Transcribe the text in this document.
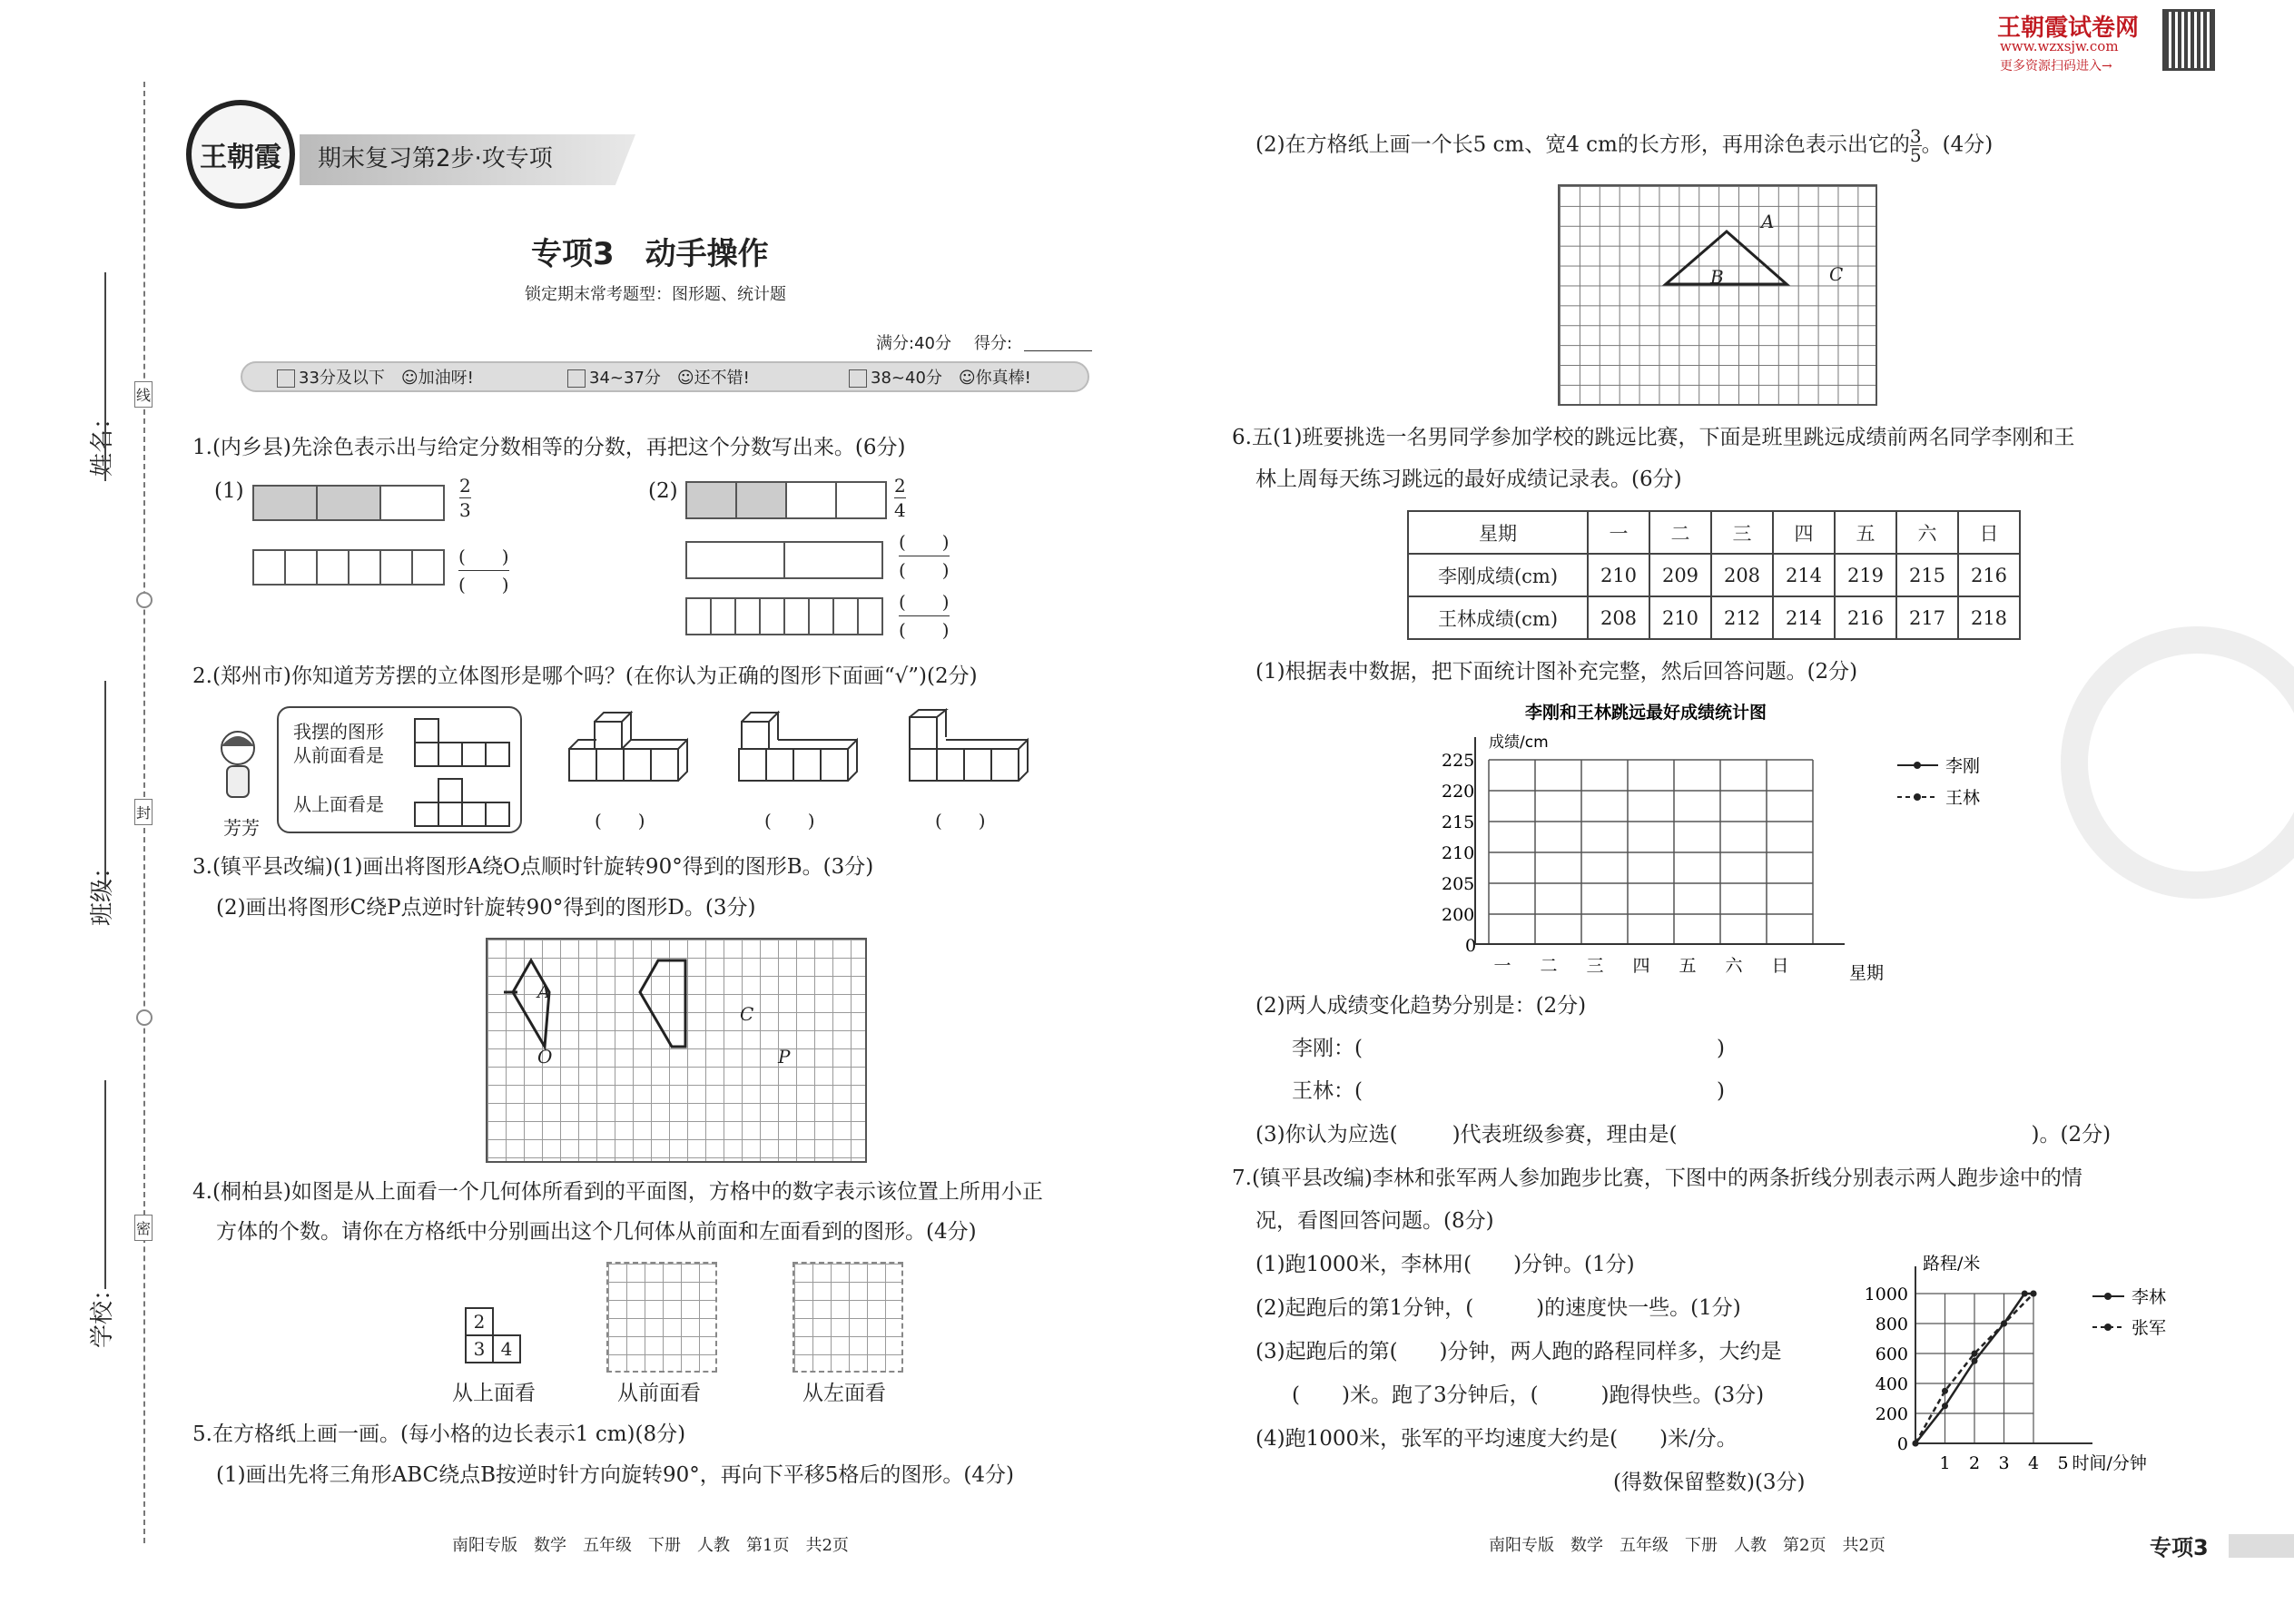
姓名：
班级：
学校：
线
封
密
王朝霞	期末复习第2步·攻专项
专项3　动手操作
锁定期末常考题型：图形题、统计题
满分:40分 得分:
33分及以下　 ☺加油呀!	34~37分　 ☺还不错!	38~40分　 ☺你真棒!
1.(内乡县)先涂色表示出与给定分数相等的分数，再把这个分数写出来。(6分)
(1)	2
3
(　　)
(　　)
(2)	2
4
(　　)
(　　)
(　　)
(　　)
2.(郑州市)你知道芳芳摆的立体图形是哪个吗？(在你认为正确的图形下面画“√”)(2分)
芳芳
我摆的图形
从前面看是
从上面看是
(　　)	(　　)	(　　)
3.(镇平县改编)(1)画出将图形A绕O点顺时针旋转90°得到的图形B。(3分)
(2)画出将图形C绕P点逆时针旋转90°得到的图形D。(3分)
A
O
C
P
4.(桐柏县)如图是从上面看一个几何体所看到的平面图，方格中的数字表示该位置上所用小正
方体的个数。请你在方格纸中分别画出这个几何体从前面和左面看到的图形。(4分)
2
3 4
从上面看	从前面看	从左面看
5.在方格纸上画一画。(每小格的边长表示1 cm)(8分)
(1)画出先将三角形ABC绕点B按逆时针方向旋转90°，再向下平移5格后的图形。(4分)
南阳专版　数学　五年级　下册　人教　第1页　共2页
王朝霞试卷网
www.wzxsjw.com
更多资源扫码进入→
(2)在方格纸上画一个长5 cm、宽4 cm的长方形，再用涂色表示出它的 $\frac{3}{5}$ 。(4分)
A
B	C
6.五(1)班要挑选一名男同学参加学校的跳远比赛，下面是班里跳远成绩前两名同学李刚和王
林上周每天练习跳远的最好成绩记录表。(6分)
星期	一	二	三	四	五	六	日
李刚成绩(cm)	210	209	208	214	219	215	216
王林成绩(cm)	208	210	212	214	216	217	218
(1)根据表中数据，把下面统计图补充完整，然后回答问题。(2分)
李刚和王林跳远最好成绩统计图
成绩/cm
225
220
215
210
205
200
0
一 二 三 四 五 六 日	星期
李刚
王林
(2)两人成绩变化趋势分别是：(2分)
李刚：(	)
王林：(	)
(3)你认为应选(	)代表班级参赛，理由是(	)。(2分)
7.(镇平县改编)李林和张军两人参加跑步比赛，下图中的两条折线分别表示两人跑步途中的情
况，看图回答问题。(8分)
(1)跑1000米，李林用(　　)分钟。(1分)
(2)起跑后的第1分钟，(　　　)的速度快一些。(1分)
(3)起跑后的第(　　)分钟，两人跑的路程同样多，大约是
(　　)米。跑了3分钟后，(　　　)跑得快些。(3分)
(4)跑1000米，张军的平均速度大约是(　　)米/分。
(得数保留整数)(3分)
0
200
400
600
800
1000
路程/米
1 2 3 4 5 时间/分钟
李林
张军
南阳专版　数学　五年级　下册　人教　第2页　共2页	专项3
